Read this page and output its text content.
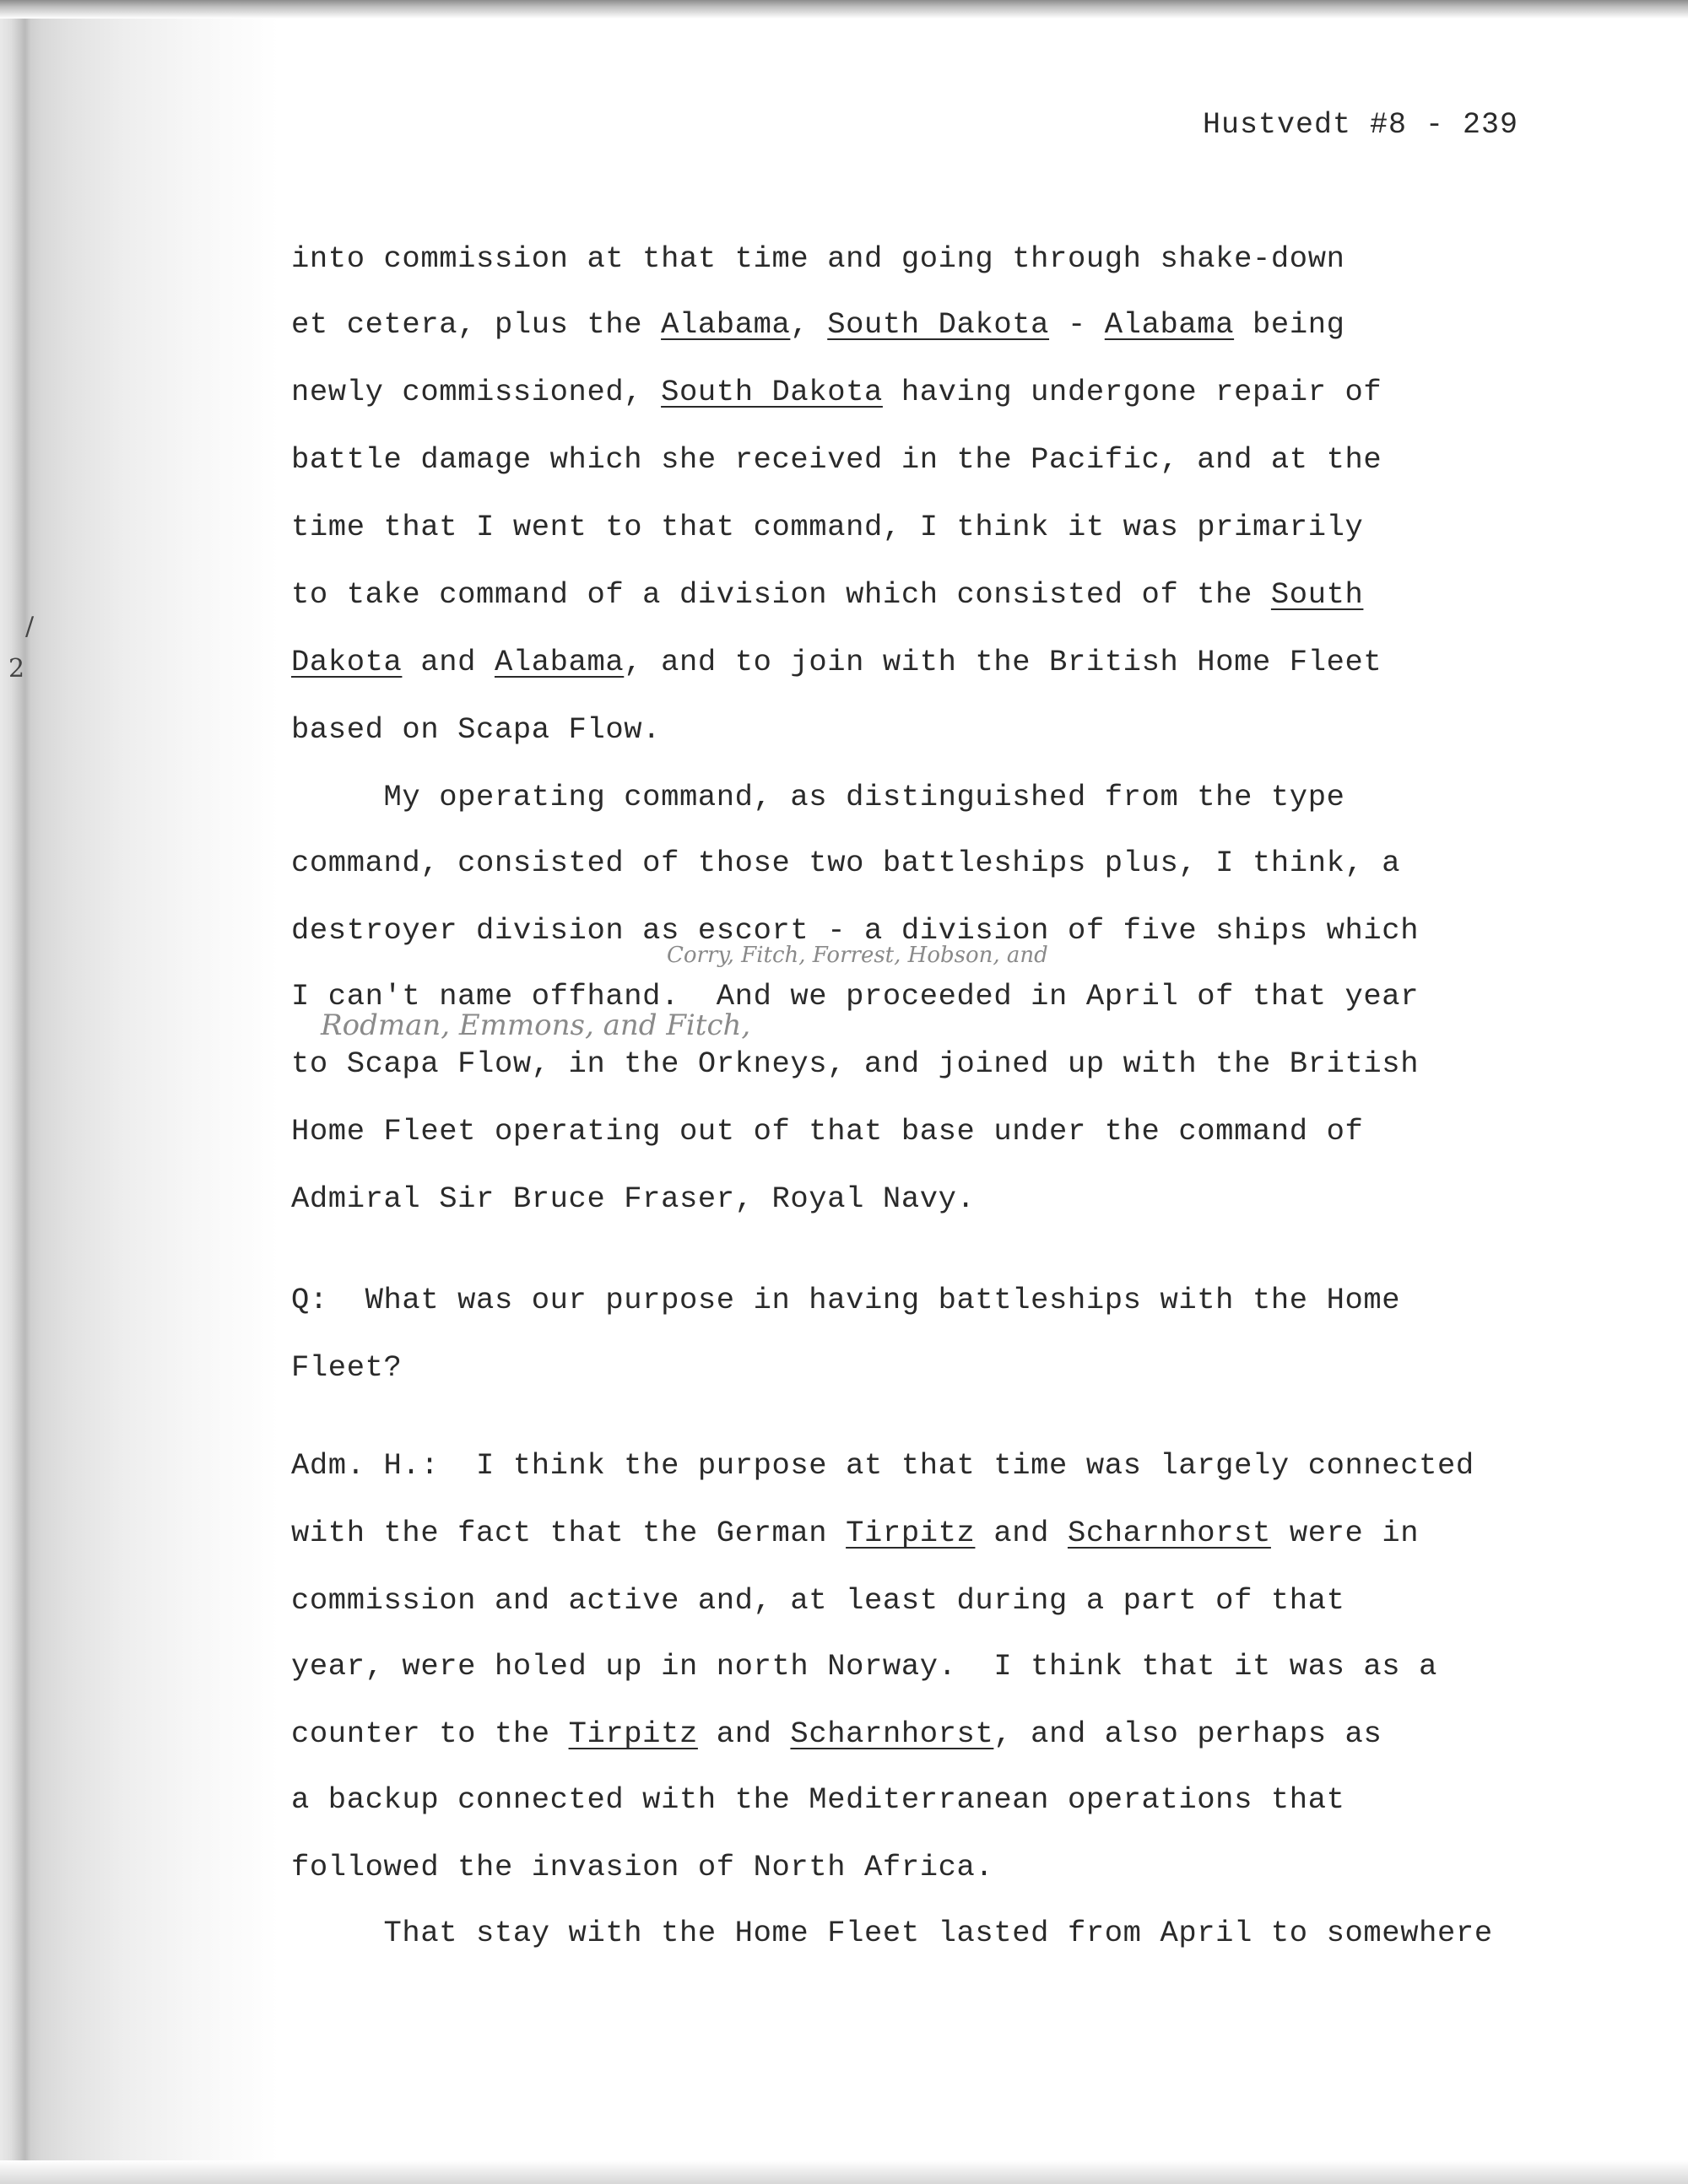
/
2
Hustvedt #8 - 239
Corry, Fitch, Forrest, Hobson, and
Rodman, Emmons, and Fitch,
into commission at that time and going through shake-down
et cetera, plus the Alabama, South Dakota - Alabama being
newly commissioned, South Dakota having undergone repair of
battle damage which she received in the Pacific, and at the
time that I went to that command, I think it was primarily
to take command of a division which consisted of the South
Dakota and Alabama, and to join with the British Home Fleet
based on Scapa Flow.
My operating command, as distinguished from the type
command, consisted of those two battleships plus, I think, a
destroyer division as escort - a division of five ships which
I can't name offhand.  And we proceeded in April of that year
to Scapa Flow, in the Orkneys, and joined up with the British
Home Fleet operating out of that base under the command of
Admiral Sir Bruce Fraser, Royal Navy.
Q:  What was our purpose in having battleships with the Home
Fleet?
Adm. H.:  I think the purpose at that time was largely connected
with the fact that the German Tirpitz and Scharnhorst were in
commission and active and, at least during a part of that
year, were holed up in north Norway.  I think that it was as a
counter to the Tirpitz and Scharnhorst, and also perhaps as
a backup connected with the Mediterranean operations that
followed the invasion of North Africa.
That stay with the Home Fleet lasted from April to somewhere
